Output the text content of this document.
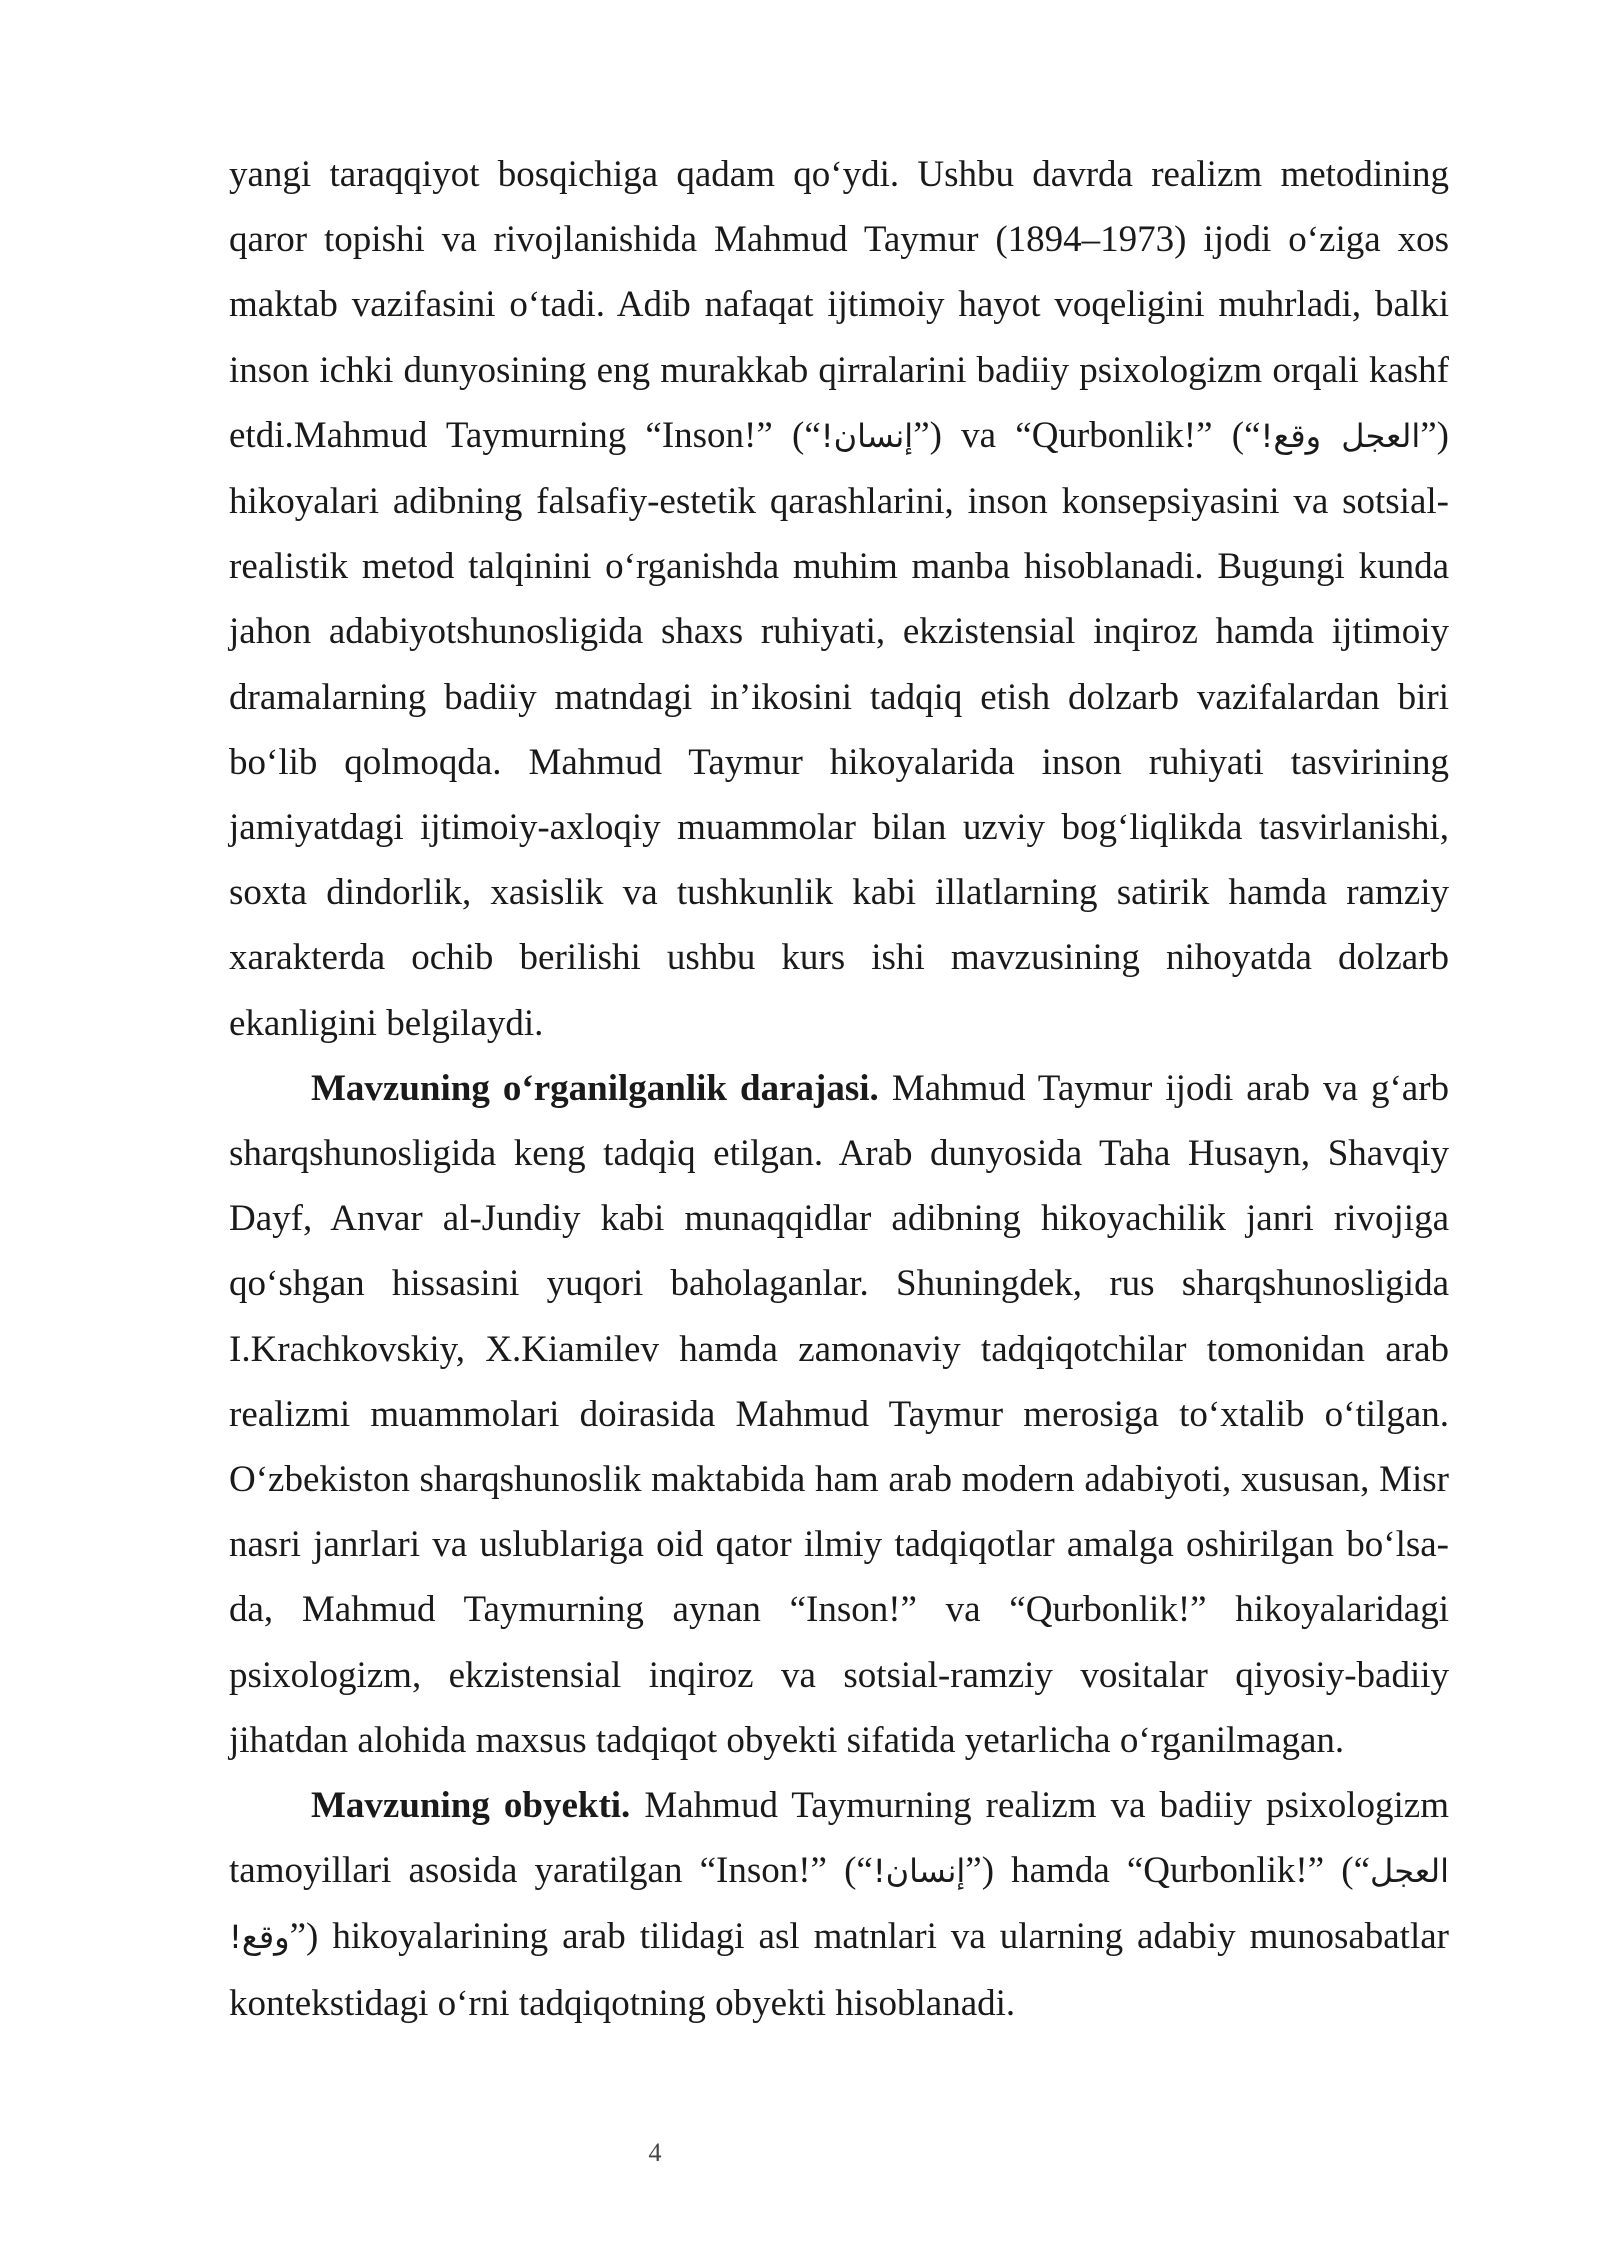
yangi taraqqiyot bosqichiga qadam qo‘ydi. Ushbu davrda realizm metodining qaror topishi va rivojlanishida Mahmud Taymur (1894–1973) ijodi o‘ziga xos maktab vazifasini o‘tadi. Adib nafaqat ijtimoiy hayot voqeligini muhrladi, balki inson ichki dunyosining eng murakkab qirralarini badiiy psixologizm orqali kashf etdi.Mahmud Taymurning “Inson!” (“إنسان!”) va “Qurbonlik!” (“العجل وقع!”) hikoyalari adibning falsafiy-estetik qarashlarini, inson konsepsiyasini va sotsial-realistik metod talqinini o‘rganishda muhim manba hisoblanadi. Bugungi kunda jahon adabiyotshunosligida shaxs ruhiyati, ekzistensial inqiroz hamda ijtimoiy dramalarning badiiy matndagi in’ikosini tadqiq etish dolzarb vazifalardan biri bo‘lib qolmoqda. Mahmud Taymur hikoyalarida inson ruhiyati tasvirining jamiyatdagi ijtimoiy-axloqiy muammolar bilan uzviy bog‘liqlikda tasvirlanishi, soxta dindorlik, xasislik va tushkunlik kabi illatlarning satirik hamda ramziy xarakterda ochib berilishi ushbu kurs ishi mavzusining nihoyatda dolzarb ekanligini belgilaydi.

Mavzuning o‘rganilganlik darajasi. Mahmud Taymur ijodi arab va g‘arb sharqshunosligida keng tadqiq etilgan. Arab dunyosida Taha Husayn, Shavqiy Dayf, Anvar al-Jundiy kabi munaqqidlar adibning hikoyachilik janri rivojiga qo‘shgan hissasini yuqori baholaganlar. Shuningdek, rus sharqshunosligida I.Krachkovskiy, X.Kiamilev hamda zamonaviy tadqiqotchilar tomonidan arab realizmi muammolari doirasida Mahmud Taymur merosiga to‘xtalib o‘tilgan. O‘zbekiston sharqshunoslik maktabida ham arab modern adabiyoti, xususan, Misr nasri janrlari va uslublariga oid qator ilmiy tadqiqotlar amalga oshirilgan bo‘lsa-da, Mahmud Taymurning aynan “Inson!” va “Qurbonlik!” hikoyalaridagi psixologizm, ekzistensial inqiroz va sotsial-ramziy vositalar qiyosiy-badiiy jihatdan alohida maxsus tadqiqot obyekti sifatida yetarlicha o‘rganilmagan.

Mavzuning obyekti. Mahmud Taymurning realizm va badiiy psixologizm tamoyillari asosida yaratilgan “Inson!” (“إنسان!”) hamda “Qurbonlik!” (“العجل وقع!”) hikoyalarining arab tilidagi asl matnlari va ularning adabiy munosabatlar kontekstidagi o‘rni tadqiqotning obyekti hisoblanadi.

4
